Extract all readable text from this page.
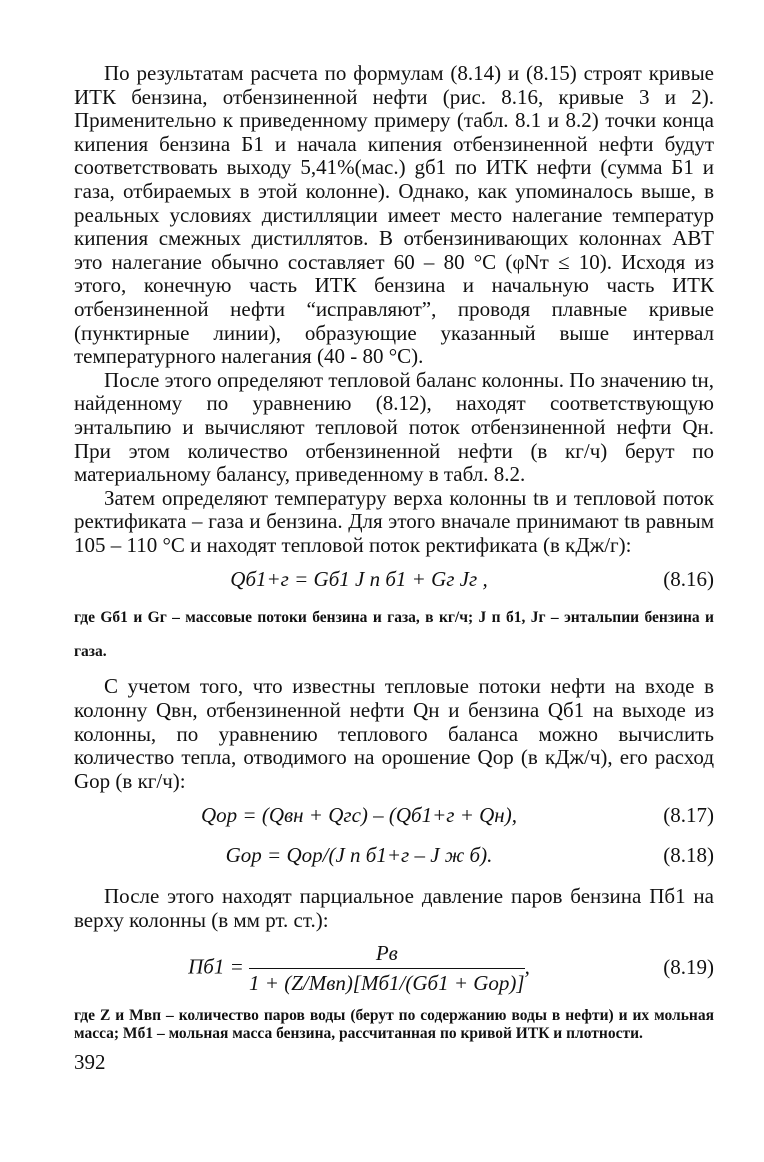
По результатам расчета по формулам (8.14) и (8.15) строят кривые ИТК бензина, отбензиненной нефти (рис. 8.16, кривые 3 и 2). Применительно к приведенному примеру (табл. 8.1 и 8.2) точки конца кипения бензина Б1 и начала кипения отбензиненной нефти будут соответствовать выходу 5,41%(мас.) gб1 по ИТК нефти (сумма Б1 и газа, отбираемых в этой колонне). Однако, как упоминалось выше, в реальных условиях дистилляции имеет место налегание температур кипения смежных дистиллятов. В отбензинивающих колоннах АВТ это налегание обычно составляет 60 – 80 °С (φNт ≤ 10). Исходя из этого, конечную часть ИТК бензина и начальную часть ИТК отбензиненной нефти “исправляют”, проводя плавные кривые (пунктирные линии), образующие указанный выше интервал температурного налегания (40 - 80 °С).

После этого определяют тепловой баланс колонны. По значению tн, найденному по уравнению (8.12), находят соответствующую энтальпию и вычисляют тепловой поток отбензиненной нефти Qн. При этом количество отбензиненной нефти (в кг/ч) берут по материальному балансу, приведенному в табл. 8.2.

Затем определяют температуру верха колонны tв и тепловой поток ректификата – газа и бензина. Для этого вначале принимают tв равным 105 – 110 °С и находят тепловой поток ректификата (в кДж/г):

Qб1+г = Gб1 J п б1 + Gг Jг ,	(8.16)

где Gб1 и Gг – массовые потоки бензина и газа, в кг/ч; J п б1, Jг – энтальпии бензина и газа.

С учетом того, что известны тепловые потоки нефти на входе в колонну Qвн, отбензиненной нефти Qн и бензина Qб1 на выходе из колонны, по уравнению теплового баланса можно вычислить количество тепла, отводимого на орошение Qор (в кДж/ч), его расход Gор (в кг/ч):

Qор = (Qвн + Qгс) – (Qб1+г + Qн),	(8.17)
Gор = Qор/(J п б1+г – J ж б).	(8.18)

После этого находят парциальное давление паров бензина Пб1 на верху колонны (в мм рт. ст.):

$Пб1 = \frac{Pв}{\text{1 + (Z/Mвп)[Mб1/(Gб1 + Gор)]}}$ ,	(8.19)

где Z и Mвп – количество паров воды (берут по содержанию воды в нефти) и их мольная масса; Mб1 – мольная масса бензина, рассчитанная по кривой ИТК и плотности.

392
